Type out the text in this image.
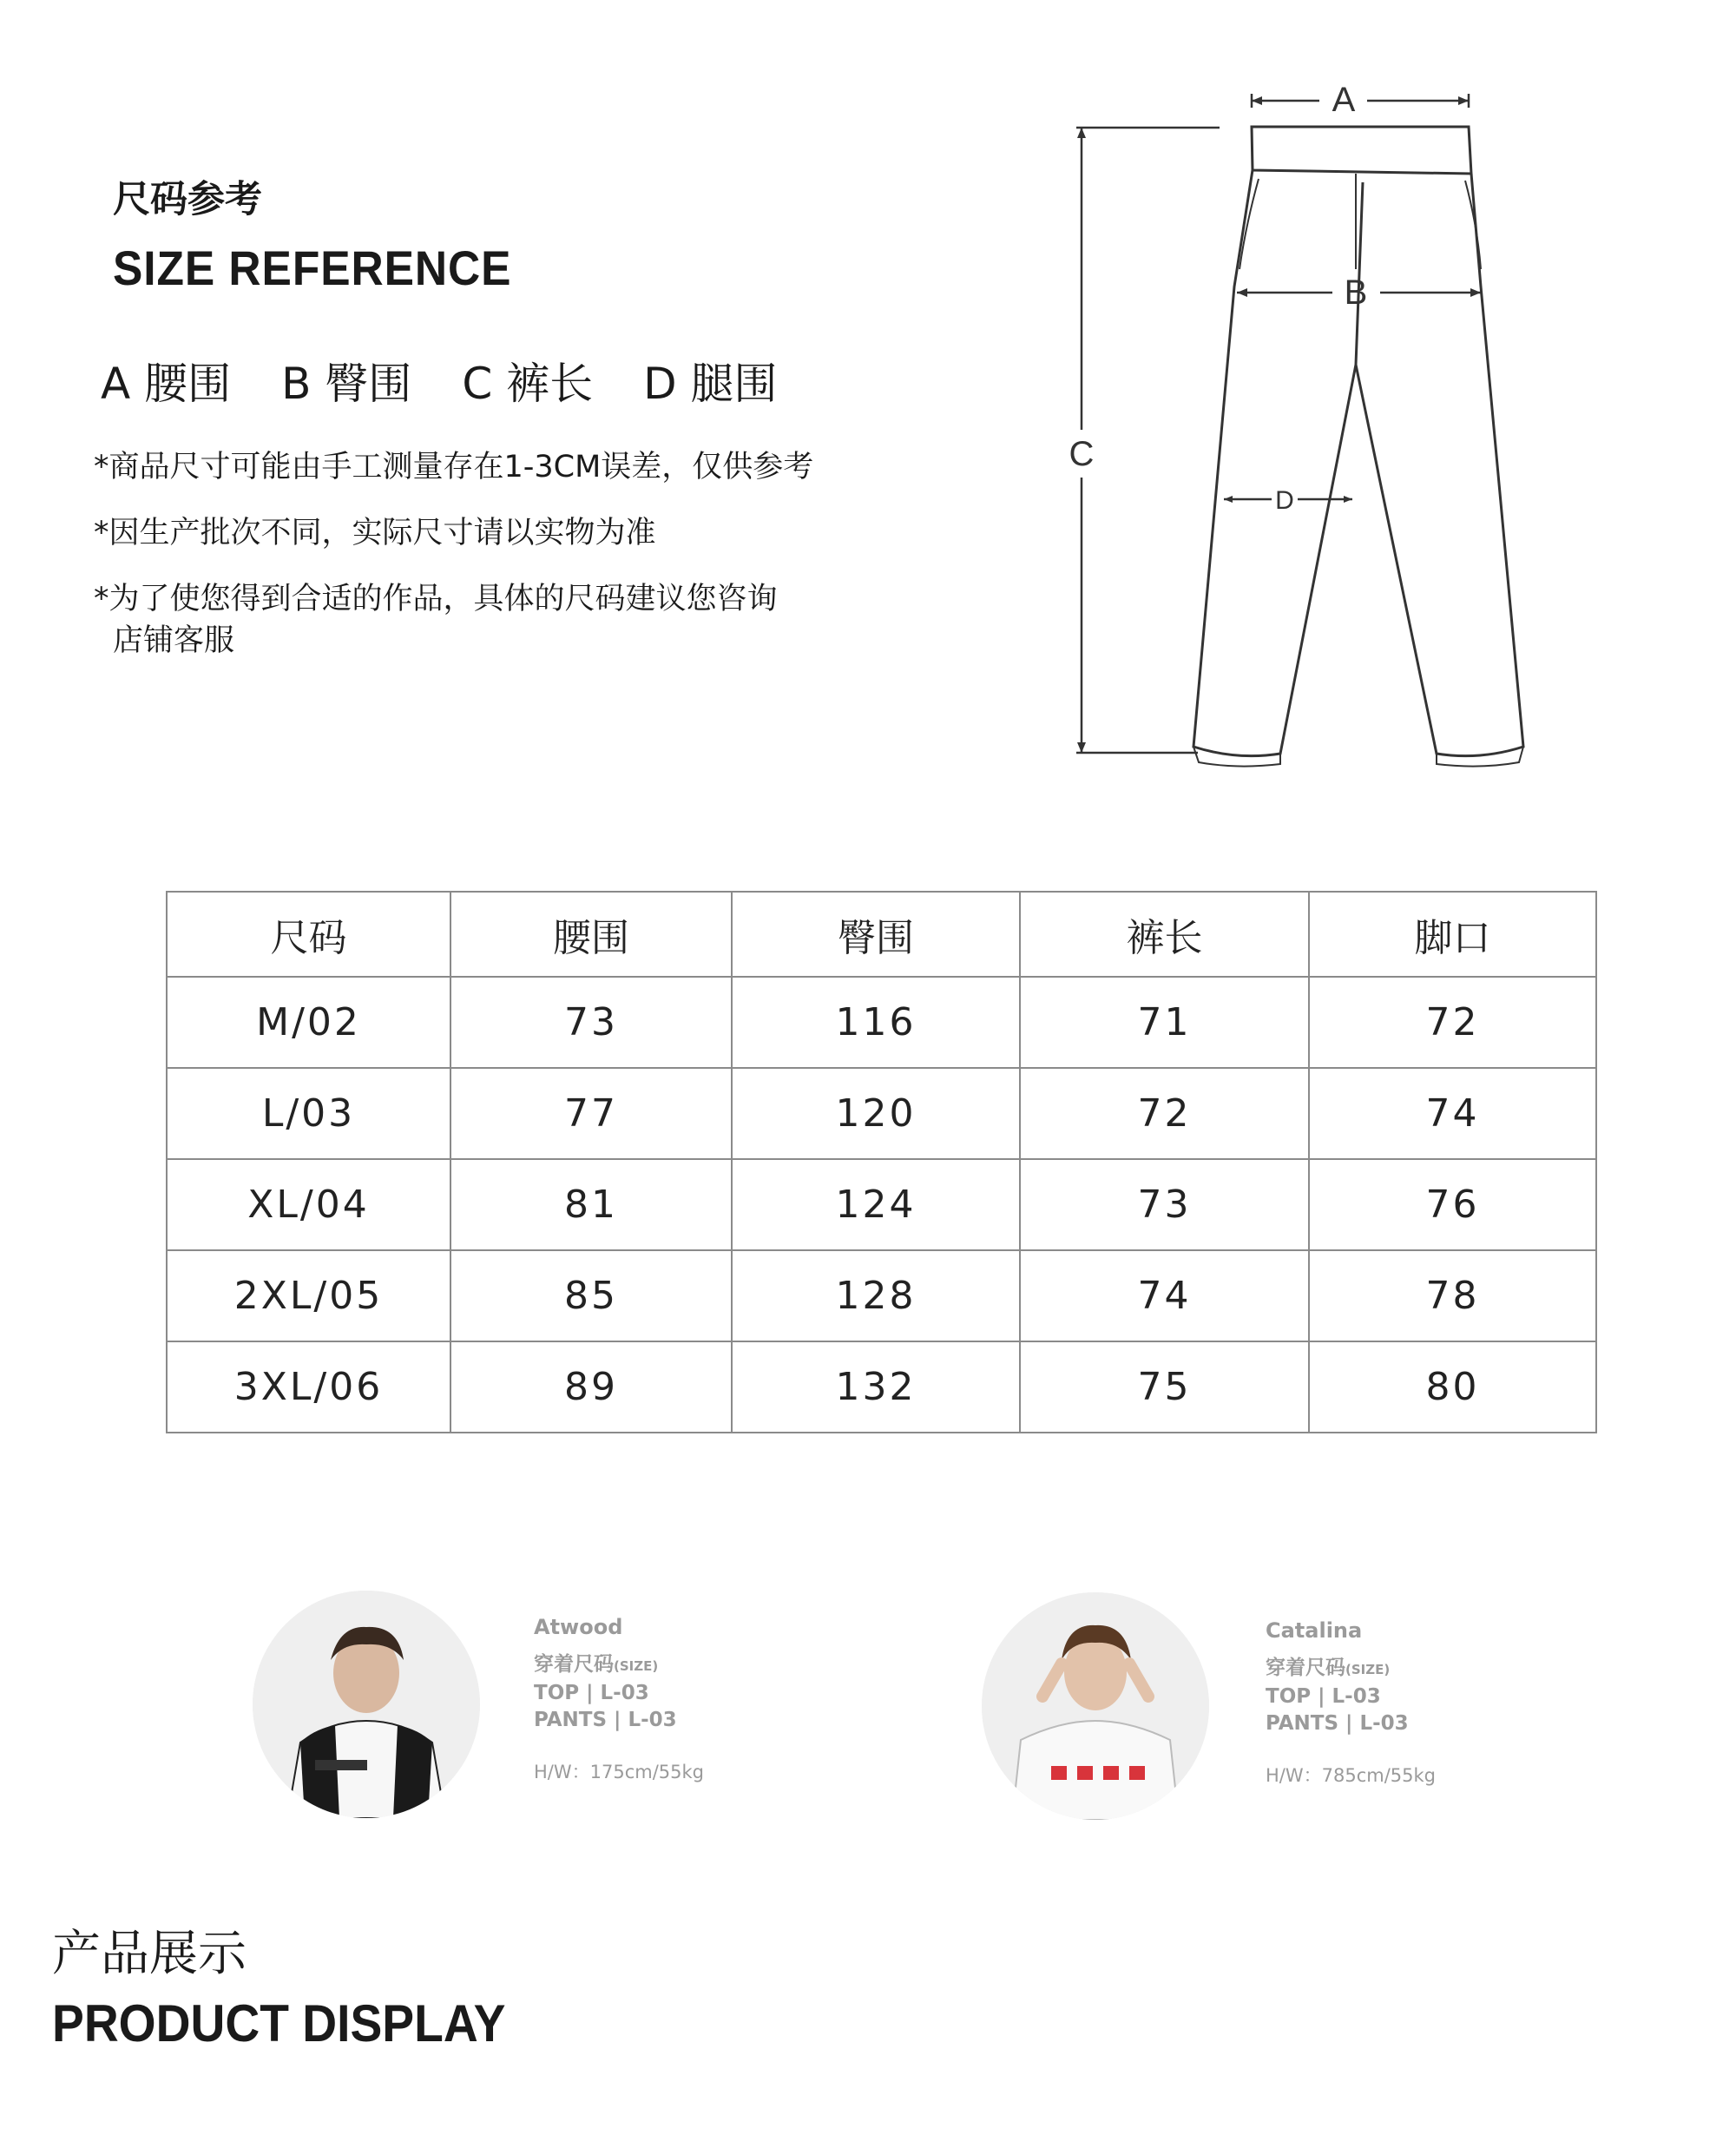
尺码参考
SIZE REFERENCE
A 腰围 B 臀围 C 裤长 D 腿围
*商品尺寸可能由手工测量存在1-3CM误差，仅供参考
*因生产批次不同，实际尺寸请以实物为准
*为了使您得到合适的作品，具体的尺码建议您咨询
店铺客服
A
B
C
D
尺码	腰围	臀围	裤长	脚口
M/02	73	116	71	72
L/03	77	120	72	74
XL/04	81	124	73	76
2XL/05	85	128	74	78
3XL/06	89	132	75	80
Atwood
穿着尺码(SIZE)
TOP | L-03
PANTS | L-03
H/W：175cm/55kg
Catalina
穿着尺码(SIZE)
TOP | L-03
PANTS | L-03
H/W：785cm/55kg
产品展示
PRODUCT DISPLAY
